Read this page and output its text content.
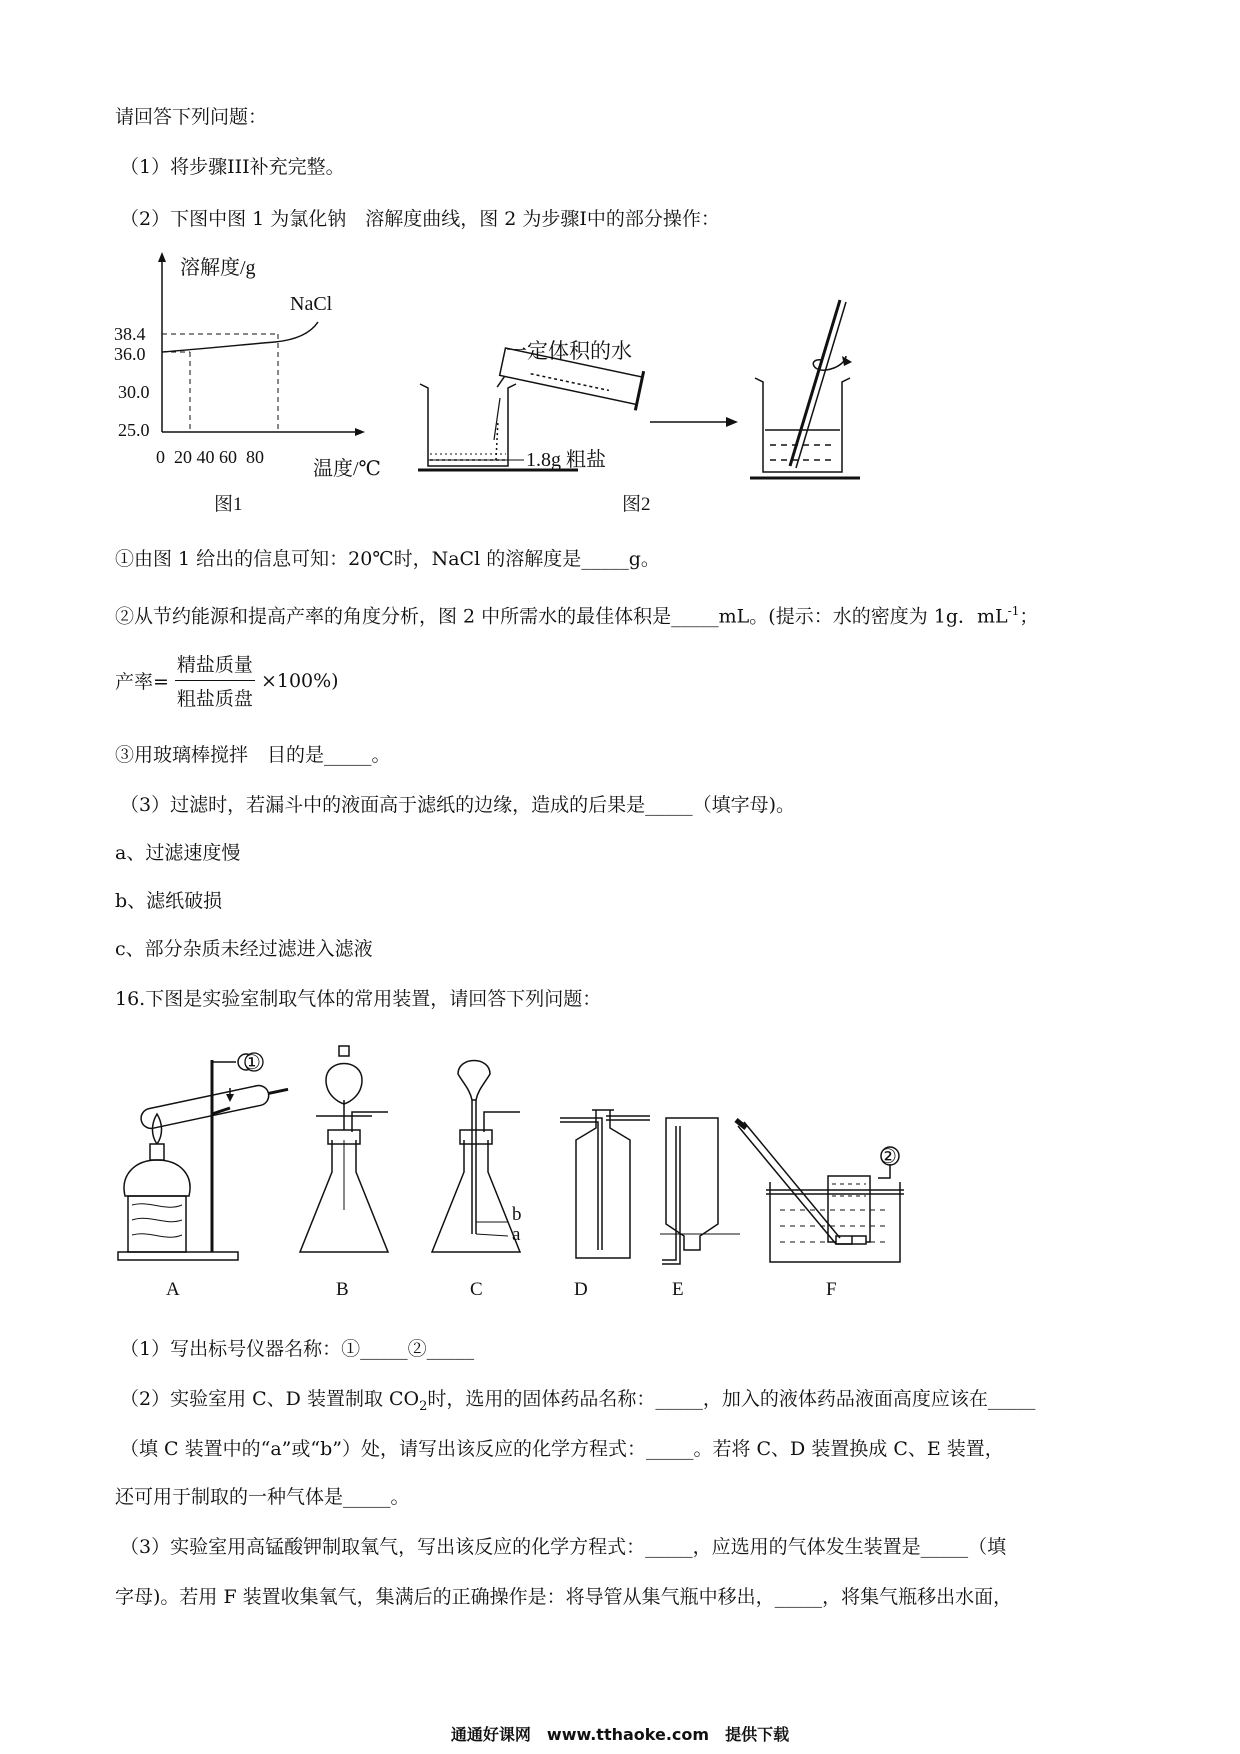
请回答下列问题：
（1）将步骤III补充完整。
（2）下图中图 1 为氯化钠　溶解度曲线，图 2 为步骤Ⅰ中的部分操作：
溶解度/g
NaCl
38.4
36.0
30.0
25.0
0  20 40 60  80
温度/℃
图1
一定体积的水
1.8g 粗盐
图2
①由图 1 给出的信息可知：20℃时，NaCl 的溶解度是_____g。
②从节约能源和提高产率的角度分析，图 2 中所需水的最佳体积是_____mL。(提示：水的密度为 1g．$mL^{-1}$；
产率= $\frac{\text{精盐质量}}{\text{粗盐质盘}} \times 100\%$)
③用玻璃棒搅拌　目的是_____。
（3）过滤时，若漏斗中的液面高于滤纸的边缘，造成的后果是_____（填字母)。
a、过滤速度慢
b、滤纸破损
c、部分杂质未经过滤进入滤液
16.下图是实验室制取气体的常用装置，请回答下列问题：
①
②
b
a
A	B	C	D	E	F
（1）写出标号仪器名称：①_____②_____
（2）实验室用 C、D 装置制取 $CO_2$时，选用的固体药品名称：_____，加入的液体药品液面高度应该在_____
（填 C 装置中的“a”或“b”）处，请写出该反应的化学方程式：_____。若将 C、D 装置换成 C、E 装置，
还可用于制取的一种气体是_____。
（3）实验室用高锰酸钾制取氧气，写出该反应的化学方程式：_____，应选用的气体发生装置是_____（填
字母)。若用 F 装置收集氧气，集满后的正确操作是：将导管从集气瓶中移出，_____，将集气瓶移出水面，
通通好课网　www.tthaoke.com　提供下载
